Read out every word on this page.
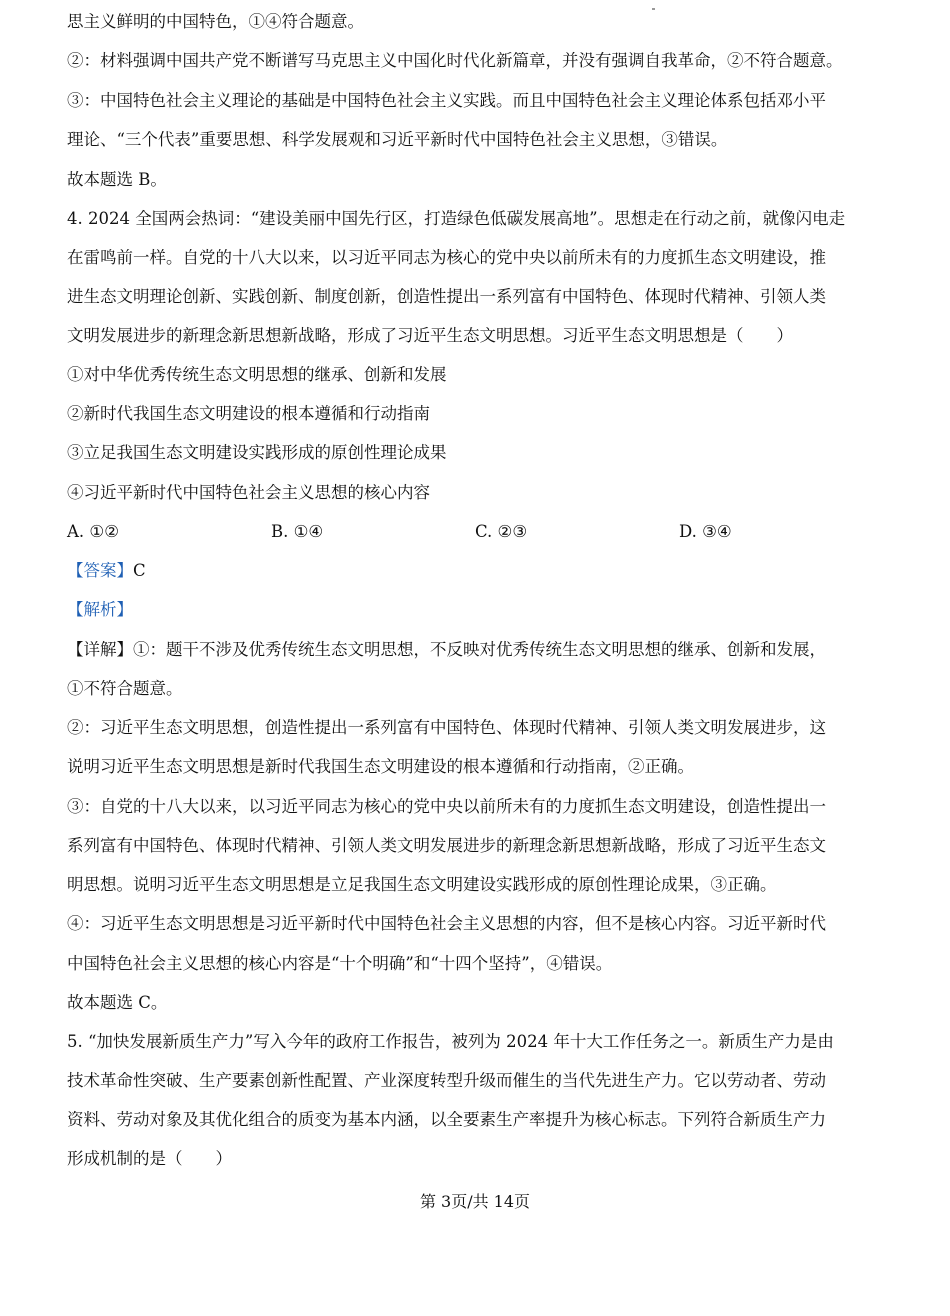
思主义鲜明的中国特色，①④符合题意。
②：材料强调中国共产党不断谱写马克思主义中国化时代化新篇章，并没有强调自我革命，②不符合题意。
③：中国特色社会主义理论的基础是中国特色社会主义实践。而且中国特色社会主义理论体系包括邓小平
理论、“三个代表”重要思想、科学发展观和习近平新时代中国特色社会主义思想，③错误。
故本题选 B。
4. 2024 全国两会热词：“建设美丽中国先行区，打造绿色低碳发展高地”。思想走在行动之前，就像闪电走
在雷鸣前一样。自党的十八大以来，以习近平同志为核心的党中央以前所未有的力度抓生态文明建设，推
进生态文明理论创新、实践创新、制度创新，创造性提出一系列富有中国特色、体现时代精神、引领人类
文明发展进步的新理念新思想新战略，形成了习近平生态文明思想。习近平生态文明思想是（　　）
①对中华优秀传统生态文明思想的继承、创新和发展
②新时代我国生态文明建设的根本遵循和行动指南
③立足我国生态文明建设实践形成的原创性理论成果
④习近平新时代中国特色社会主义思想的核心内容
A. ①②	B. ①④	C. ②③	D. ③④
【答案】C
【解析】
【详解】①：题干不涉及优秀传统生态文明思想，不反映对优秀传统生态文明思想的继承、创新和发展，
①不符合题意。
②：习近平生态文明思想，创造性提出一系列富有中国特色、体现时代精神、引领人类文明发展进步，这
说明习近平生态文明思想是新时代我国生态文明建设的根本遵循和行动指南，②正确。
③：自党的十八大以来，以习近平同志为核心的党中央以前所未有的力度抓生态文明建设，创造性提出一
系列富有中国特色、体现时代精神、引领人类文明发展进步的新理念新思想新战略，形成了习近平生态文
明思想。说明习近平生态文明思想是立足我国生态文明建设实践形成的原创性理论成果，③正确。
④：习近平生态文明思想是习近平新时代中国特色社会主义思想的内容，但不是核心内容。习近平新时代
中国特色社会主义思想的核心内容是“十个明确”和“十四个坚持”，④错误。
故本题选 C。
5. “加快发展新质生产力”写入今年的政府工作报告，被列为 2024 年十大工作任务之一。新质生产力是由
技术革命性突破、生产要素创新性配置、产业深度转型升级而催生的当代先进生产力。它以劳动者、劳动
资料、劳动对象及其优化组合的质变为基本内涵，以全要素生产率提升为核心标志。下列符合新质生产力
形成机制的是（　　）
第 3页/共 14页
